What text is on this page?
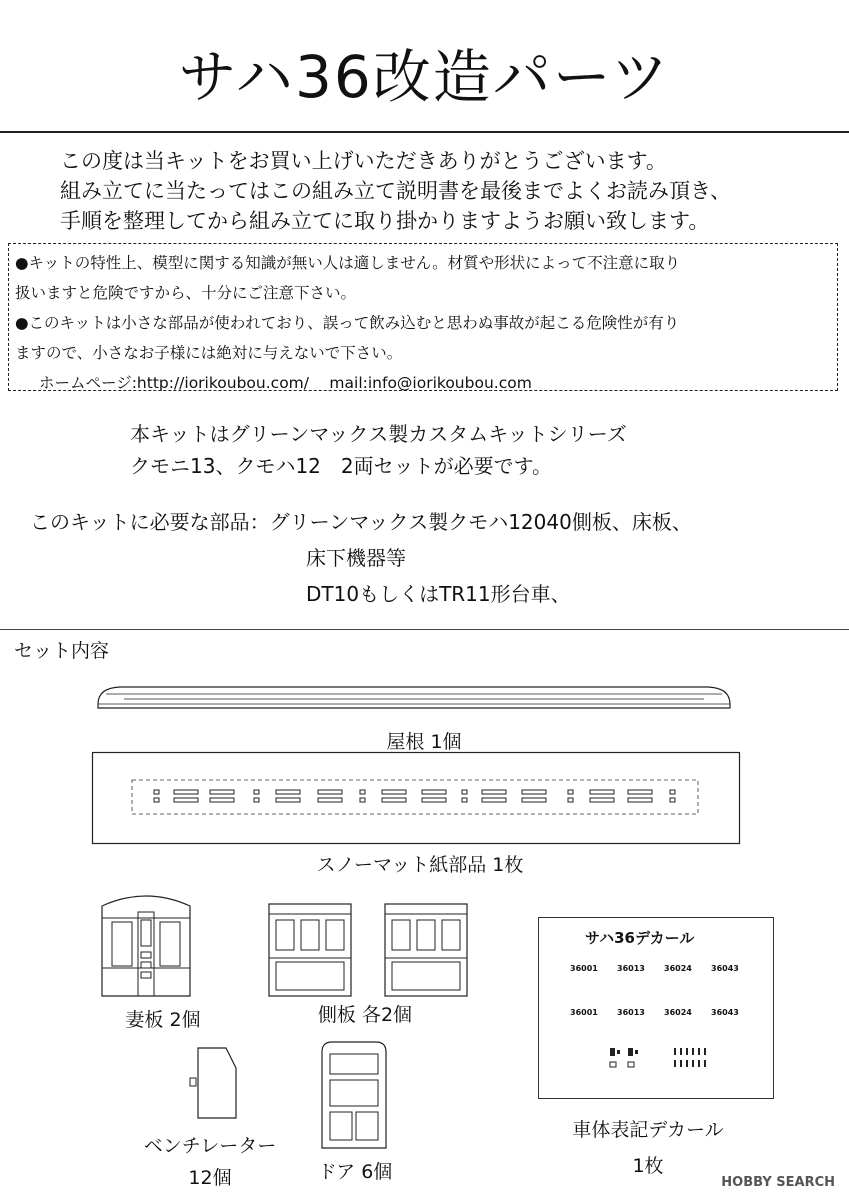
サハ36改造パーツ
この度は当キットをお買い上げいただきありがとうございます。
組み立てに当たってはこの組み立て説明書を最後までよくお読み頂き、
手順を整理してから組み立てに取り掛かりますようお願い致します。
●キットの特性上、模型に関する知識が無い人は適しません。材質や形状によって不注意に取り
扱いますと危険ですから、十分にご注意下さい。
●このキットは小さな部品が使われており、誤って飲み込むと思わぬ事故が起こる危険性が有り
ますので、小さなお子様には絶対に与えないで下さい。
ホームページ:http://iorikoubou.com/　 mail:info@iorikoubou.com
本キットはグリーンマックス製カスタムキットシリーズ
クモニ13、クモハ12　2両セットが必要です。
このキットに必要な部品：グリーンマックス製クモハ12040側板、床板、
床下機器等
DT10もしくはTR11形台車、
セット内容
屋根 1個
スノーマット紙部品 1枚
妻板 2個	側板 各2個
ベンチレーター
12個	ドア 6個
サハ36デカール
36001 36013 36024 36043
36001 36013 36024 36043
車体表記デカール
1枚
HOBBY SEARCH
